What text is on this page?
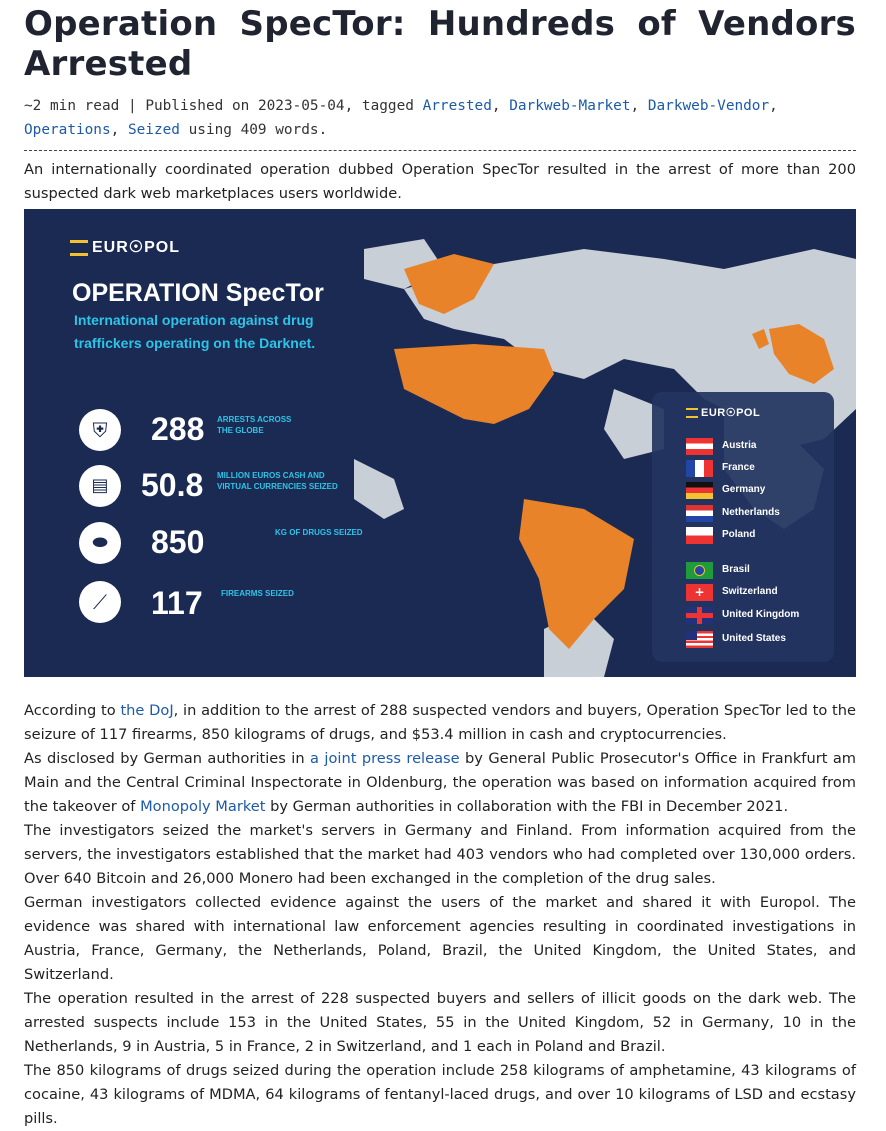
Operation SpecTor: Hundreds of Vendors Arrested
~2 min read | Published on 2023-05-04, tagged Arrested, Darkweb-Market, Darkweb-Vendor, Operations, Seized using 409 words.

An internationally coordinated operation dubbed Operation SpecTor resulted in the arrest of more than 200 suspected dark web marketplaces users worldwide.

EUR☉POL
OPERATION SpecTor
International operation against drug
traffickers operating on the Darknet.
⛨	288 ARRESTS ACROSS
THE GLOBE
▤	50.8 MILLION EUROS CASH AND
VIRTUAL CURRENCIES SEIZED
⬬	850	KG OF DRUGS SEIZED
⟋	117 FIREARMS SEIZED
EUR☉POL
Austria
France
Germany
Netherlands
Poland
Brasil
+	Switzerland
United Kingdom
United States

According to the DoJ, in addition to the arrest of 288 suspected vendors and buyers, Operation SpecTor led to the seizure of 117 firearms, 850 kilograms of drugs, and $53.4 million in cash and cryptocurrencies.

As disclosed by German authorities in a joint press release by General Public Prosecutor's Office in Frankfurt am Main and the Central Criminal Inspectorate in Oldenburg, the operation was based on information acquired from the takeover of Monopoly Market by German authorities in collaboration with the FBI in December 2021.

The investigators seized the market's servers in Germany and Finland. From information acquired from the servers, the investigators established that the market had 403 vendors who had completed over 130,000 orders. Over 640 Bitcoin and 26,000 Monero had been exchanged in the completion of the drug sales.

German investigators collected evidence against the users of the market and shared it with Europol. The evidence was shared with international law enforcement agencies resulting in coordinated investigations in Austria, France, Germany, the Netherlands, Poland, Brazil, the United Kingdom, the United States, and Switzerland.

The operation resulted in the arrest of 228 suspected buyers and sellers of illicit goods on the dark web. The arrested suspects include 153 in the United States, 55 in the United Kingdom, 52 in Germany, 10 in the Netherlands, 9 in Austria, 5 in France, 2 in Switzerland, and 1 each in Poland and Brazil.

The 850 kilograms of drugs seized during the operation include 258 kilograms of amphetamine, 43 kilograms of cocaine, 43 kilograms of MDMA, 64 kilograms of fentanyl-laced drugs, and over 10 kilograms of LSD and ecstasy pills.
